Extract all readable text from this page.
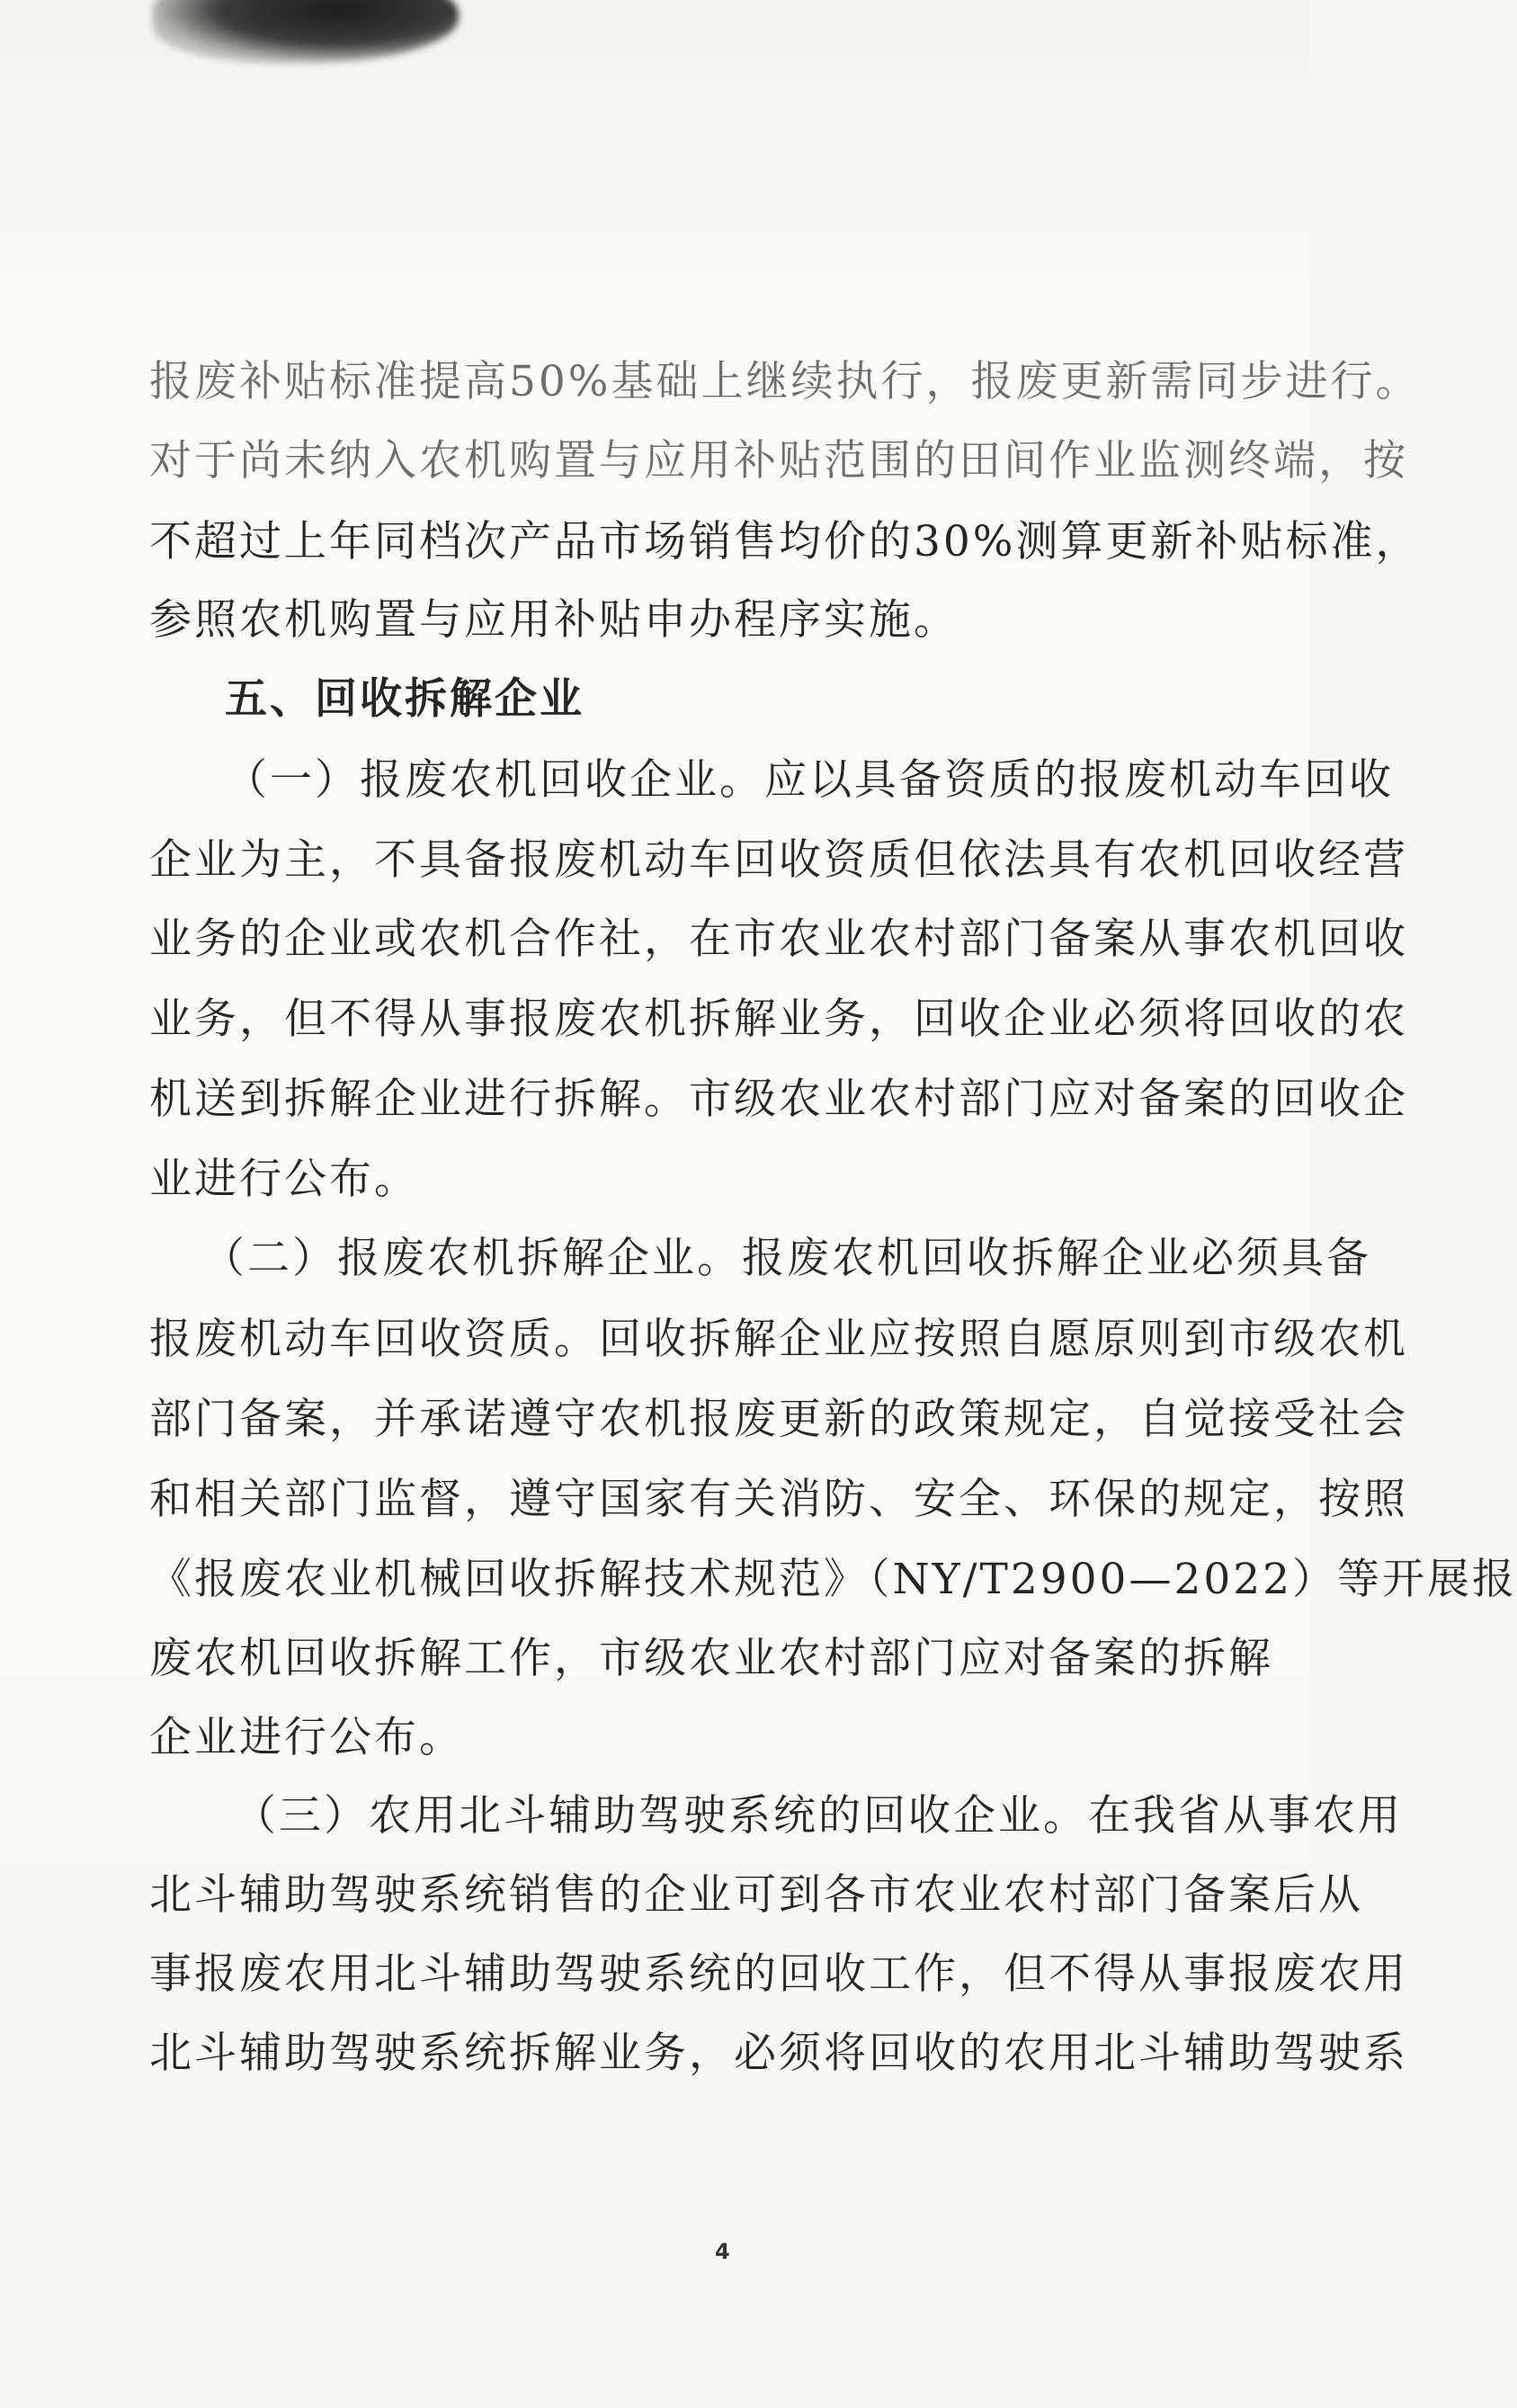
报废补贴标准提高50%基础上继续执行，报废更新需同步进行。
对于尚未纳入农机购置与应用补贴范围的田间作业监测终端，按
不超过上年同档次产品市场销售均价的30%测算更新补贴标准，
参照农机购置与应用补贴申办程序实施。
五、回收拆解企业
（一）报废农机回收企业。应以具备资质的报废机动车回收
企业为主，不具备报废机动车回收资质但依法具有农机回收经营
业务的企业或农机合作社，在市农业农村部门备案从事农机回收
业务，但不得从事报废农机拆解业务，回收企业必须将回收的农
机送到拆解企业进行拆解。市级农业农村部门应对备案的回收企
业进行公布。
（二）报废农机拆解企业。报废农机回收拆解企业必须具备
报废机动车回收资质。回收拆解企业应按照自愿原则到市级农机
部门备案，并承诺遵守农机报废更新的政策规定，自觉接受社会
和相关部门监督，遵守国家有关消防、安全、环保的规定，按照
《报废农业机械回收拆解技术规范》（NY/T2900—2022）等开展报
废农机回收拆解工作，市级农业农村部门应对备案的拆解
企业进行公布。
（三）农用北斗辅助驾驶系统的回收企业。在我省从事农用
北斗辅助驾驶系统销售的企业可到各市农业农村部门备案后从
事报废农用北斗辅助驾驶系统的回收工作，但不得从事报废农用
北斗辅助驾驶系统拆解业务，必须将回收的农用北斗辅助驾驶系
4
